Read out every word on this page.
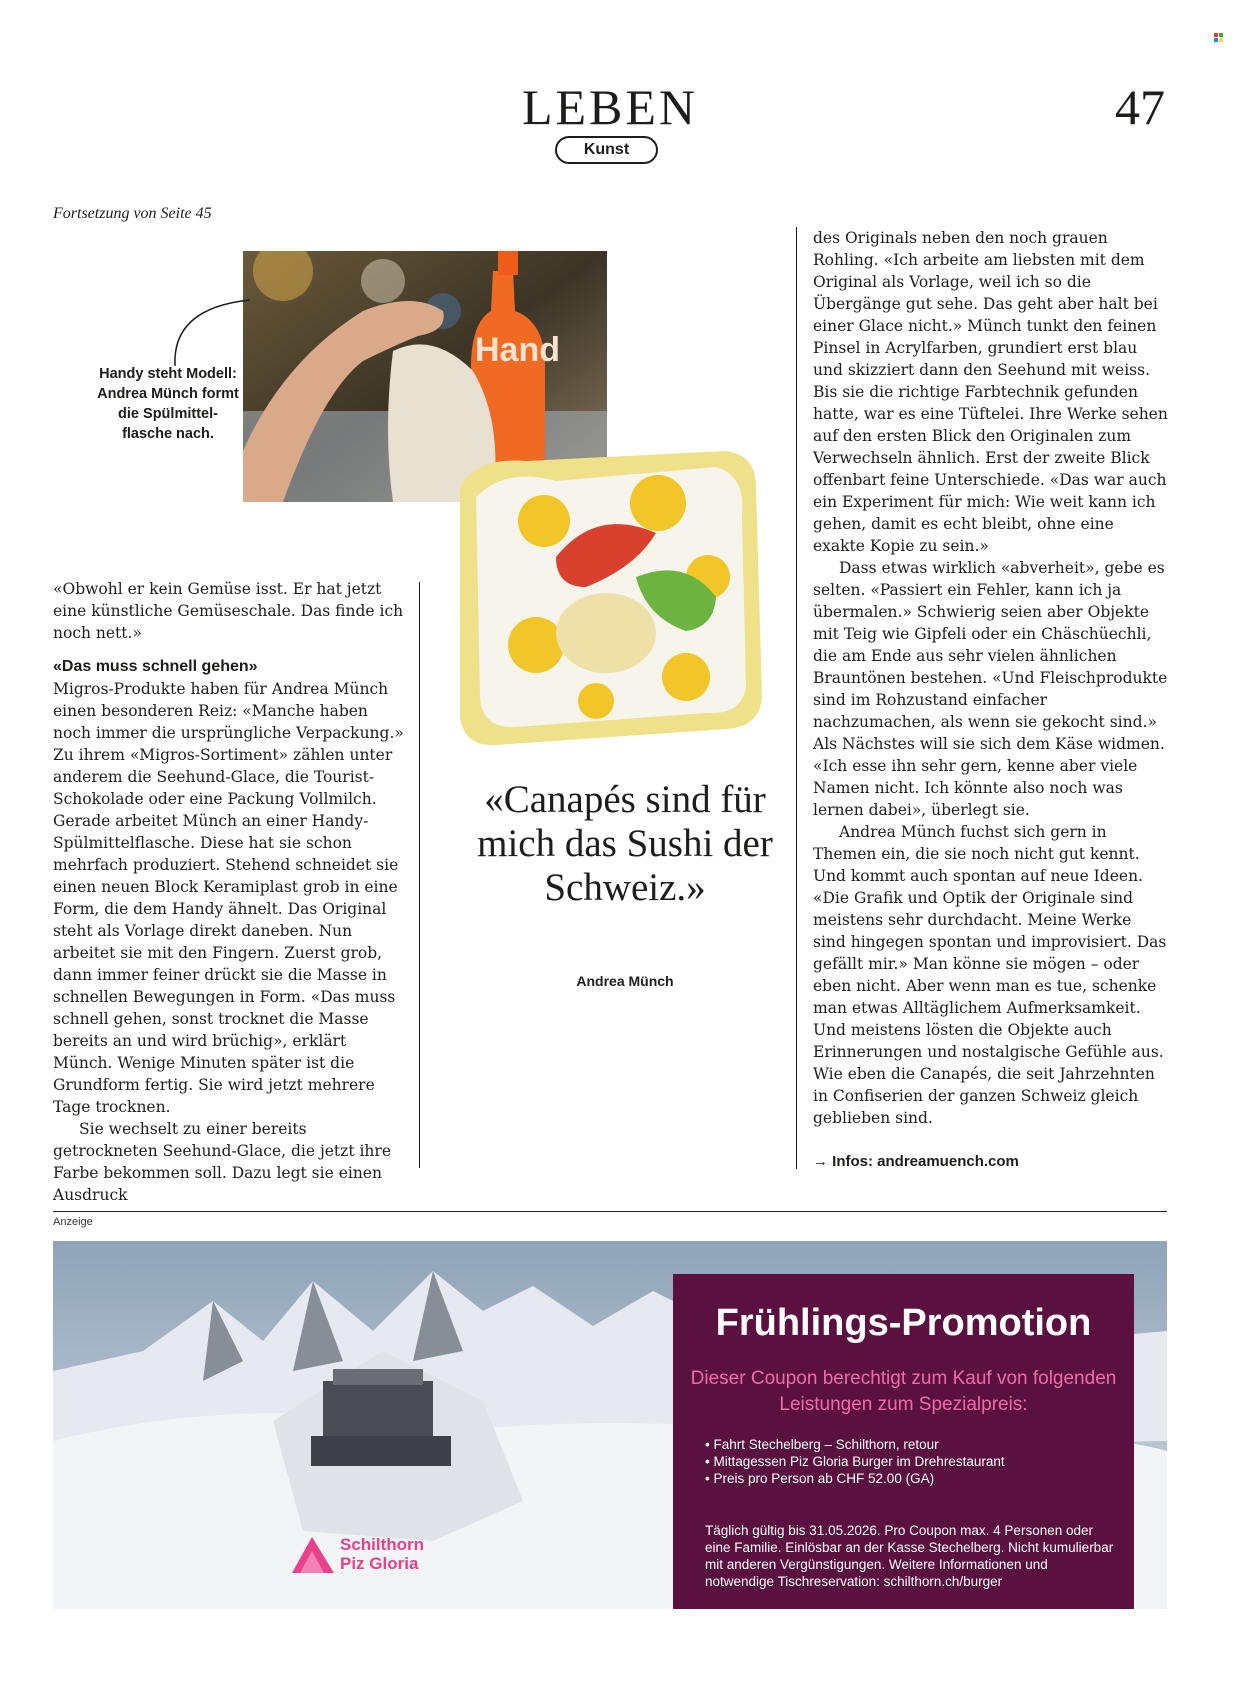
LEBEN
Kunst
47
Fortsetzung von Seite 45
Hand
Handy steht Modell: Andrea Münch formt die Spülmittel-flasche nach.

«Obwohl er kein Gemüse isst. Er hat jetzt eine künstliche Gemüseschale. Das finde ich noch nett.»

«Das muss schnell gehen»

Migros-Produkte haben für Andrea Münch einen besonderen Reiz: «Manche haben noch immer die ursprüngliche Verpackung.» Zu ihrem «Migros-Sortiment» zählen unter anderem die Seehund-Glace, die Tourist-Schokolade oder eine Packung Vollmilch. Gerade arbeitet Münch an einer Handy-Spülmittelflasche. Diese hat sie schon mehrfach produziert. Stehend schneidet sie einen neuen Block Keramiplast grob in eine Form, die dem Handy ähnelt. Das Original steht als Vorlage direkt daneben. Nun arbeitet sie mit den Fingern. Zuerst grob, dann immer feiner drückt sie die Masse in schnellen Bewegungen in Form. «Das muss schnell gehen, sonst trocknet die Masse bereits an und wird brüchig», erklärt Münch. Wenige Minuten später ist die Grundform fertig. Sie wird jetzt mehrere Tage trocknen.

Sie wechselt zu einer bereits getrockneten Seehund-Glace, die jetzt ihre Farbe bekommen soll. Dazu legt sie einen Ausdruck

«Canapés sind für mich das Sushi der Schweiz.»
Andrea Münch

des Originals neben den noch grauen Rohling. «Ich arbeite am liebsten mit dem Original als Vorlage, weil ich so die Übergänge gut sehe. Das geht aber halt bei einer Glace nicht.» Münch tunkt den feinen Pinsel in Acrylfarben, grundiert erst blau und skizziert dann den Seehund mit weiss. Bis sie die richtige Farbtechnik gefunden hatte, war es eine Tüftelei. Ihre Werke sehen auf den ersten Blick den Originalen zum Verwechseln ähnlich. Erst der zweite Blick offenbart feine Unterschiede. «Das war auch ein Experiment für mich: Wie weit kann ich gehen, damit es echt bleibt, ohne eine exakte Kopie zu sein.»

Dass etwas wirklich «abverheit», gebe es selten. «Passiert ein Fehler, kann ich ja übermalen.» Schwierig seien aber Objekte mit Teig wie Gipfeli oder ein Chäschüechli, die am Ende aus sehr vielen ähnlichen Brauntönen bestehen. «Und Fleischprodukte sind im Rohzustand einfacher nachzumachen, als wenn sie gekocht sind.» Als Nächstes will sie sich dem Käse widmen. «Ich esse ihn sehr gern, kenne aber viele Namen nicht. Ich könnte also noch was lernen dabei», überlegt sie.

Andrea Münch fuchst sich gern in Themen ein, die sie noch nicht gut kennt. Und kommt auch spontan auf neue Ideen. «Die Grafik und Optik der Originale sind meistens sehr durchdacht. Meine Werke sind hingegen spontan und improvisiert. Das gefällt mir.» Man könne sie mögen – oder eben nicht. Aber wenn man es tue, schenke man etwas Alltäglichem Aufmerksamkeit. Und meistens lösten die Objekte auch Erinnerungen und nostalgische Gefühle aus. Wie eben die Canapés, die seit Jahrzehnten in Confiserien der ganzen Schweiz gleich geblieben sind.

→ Infos: andreamuench.com
Anzeige
Frühlings-Promotion
Dieser Coupon berechtigt zum Kauf von folgenden Leistungen zum Spezialpreis:
• Fahrt Stechelberg – Schilthorn, retour
• Mittagessen Piz Gloria Burger im Drehrestaurant
• Preis pro Person ab CHF 52.00 (GA)
Täglich gültig bis 31.05.2026. Pro Coupon max. 4 Personen oder eine Familie. Einlösbar an der Kasse Stechelberg. Nicht kumulierbar mit anderen Vergünstigungen. Weitere Informationen und notwendige Tischreservation: schilthorn.ch/burger
Schilthorn
Piz Gloria
